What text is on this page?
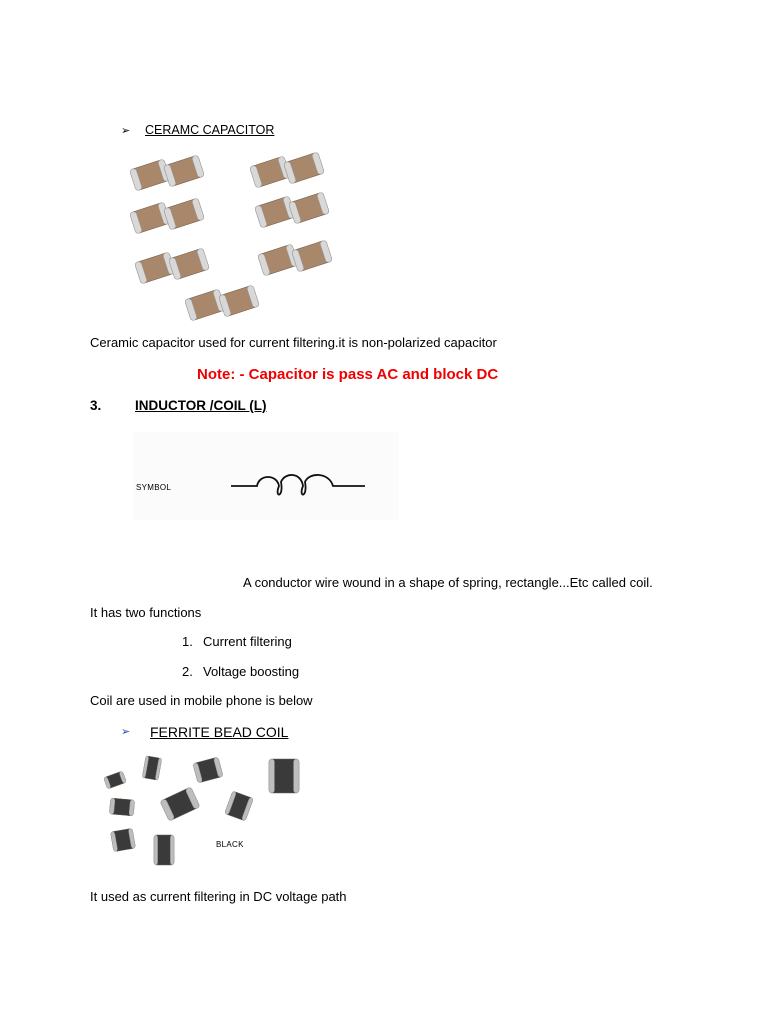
➢ CERAMC CAPACITOR
Ceramic capacitor used for current filtering.it is non-polarized capacitor
Note: - Capacitor is pass AC and block DC
3. INDUCTOR /COIL (L)
SYMBOL
A conductor wire wound in a shape of spring, rectangle...Etc called coil.
It has two functions
1. Current filtering
2. Voltage boosting
Coil are used in mobile phone is below
➢ FERRITE BEAD COIL
BLACK
It used as current filtering in DC voltage path
